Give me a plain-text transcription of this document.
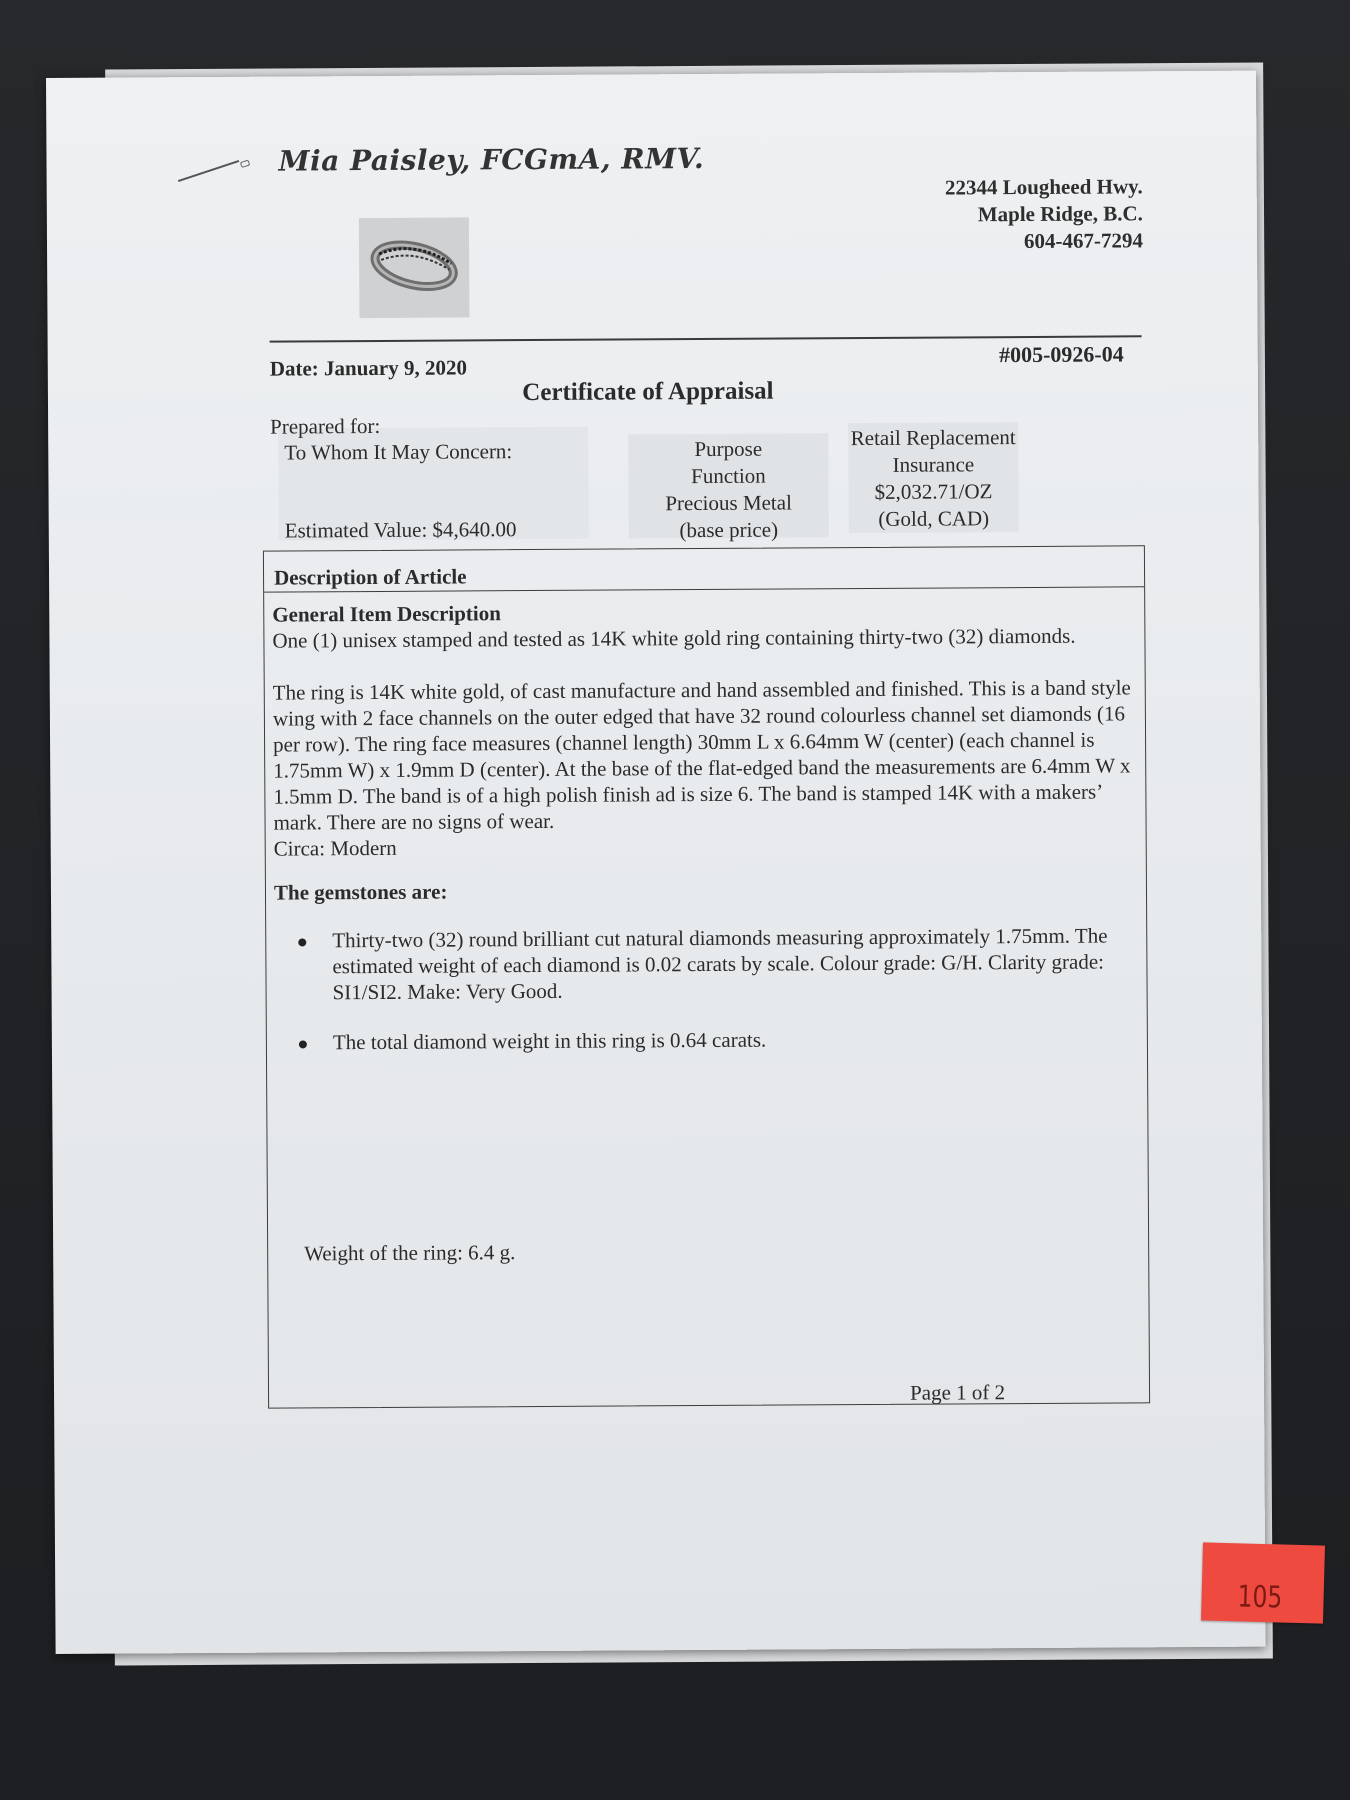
Mia Paisley, FCGmA, RMV.
22344 Lougheed Hwy.
Maple Ridge, B.C.
604-467-7294
Date: January 9, 2020
#005-0926-04
Certificate of Appraisal
Prepared for:
To Whom It May Concern:
Estimated Value: $4,640.00
Purpose
Function
Precious Metal
(base price)
Retail Replacement
Insurance
$2,032.71/OZ
(Gold, CAD)
Description of Article
General Item Description

One (1) unisex stamped and tested as 14K white gold ring containing thirty-two (32) diamonds.

The ring is 14K white gold, of cast manufacture and hand assembled and finished. This is a band style wing with 2 face channels on the outer edged that have 32 round colourless channel set diamonds (16 per row). The ring face measures (channel length) 30mm L x 6.64mm W (center) (each channel is 1.75mm W) x 1.9mm D (center). At the base of the flat-edged band the measurements are 6.4mm W x 1.5mm D. The band is of a high polish finish ad is size 6. The band is stamped 14K with a makers’ mark. There are no signs of wear.

Circa: Modern

The gemstones are:
Thirty-two (32) round brilliant cut natural diamonds measuring approximately 1.75mm. The estimated weight of each diamond is 0.02 carats by scale. Colour grade: G/H. Clarity grade: SI1/SI2. Make: Very Good.
The total diamond weight in this ring is 0.64 carats.
Weight of the ring: 6.4 g.
Page 1 of 2
105
